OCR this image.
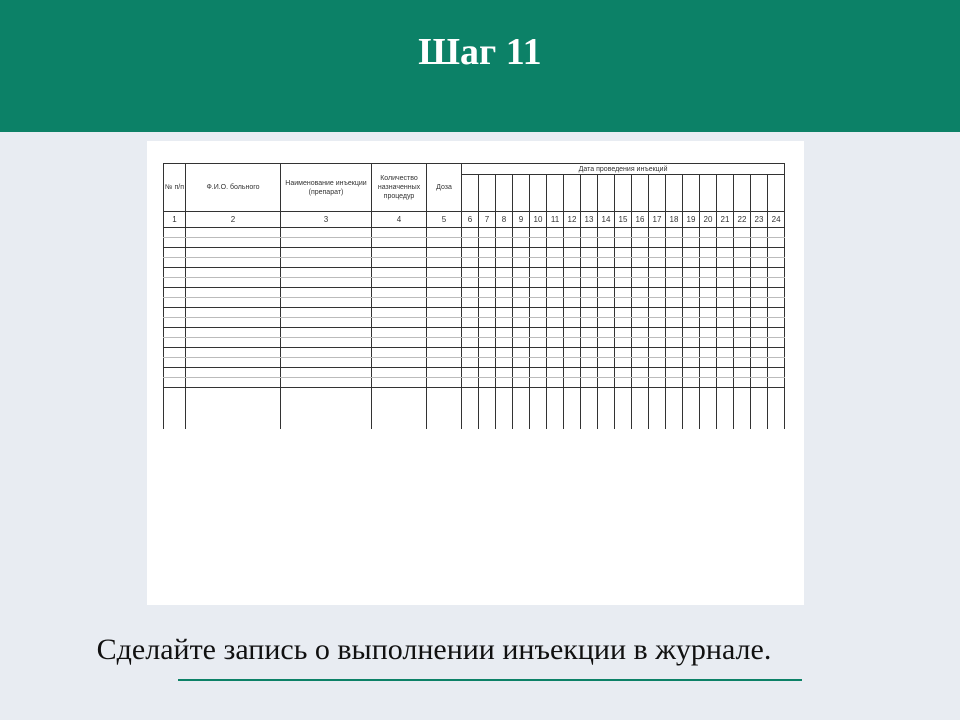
Шаг 11
№ п/п	Ф.И.О. больного	Наименование инъекции (препарат)	Количество назначенных процедур	Доза	Дата проведения инъекций																		

1	2	3	4	5	6	7	8	9	10	11	12	13	14	15	16	17	18	19	20	21	22	23	24

Сделайте запись о выполнении инъекции в журнале.
